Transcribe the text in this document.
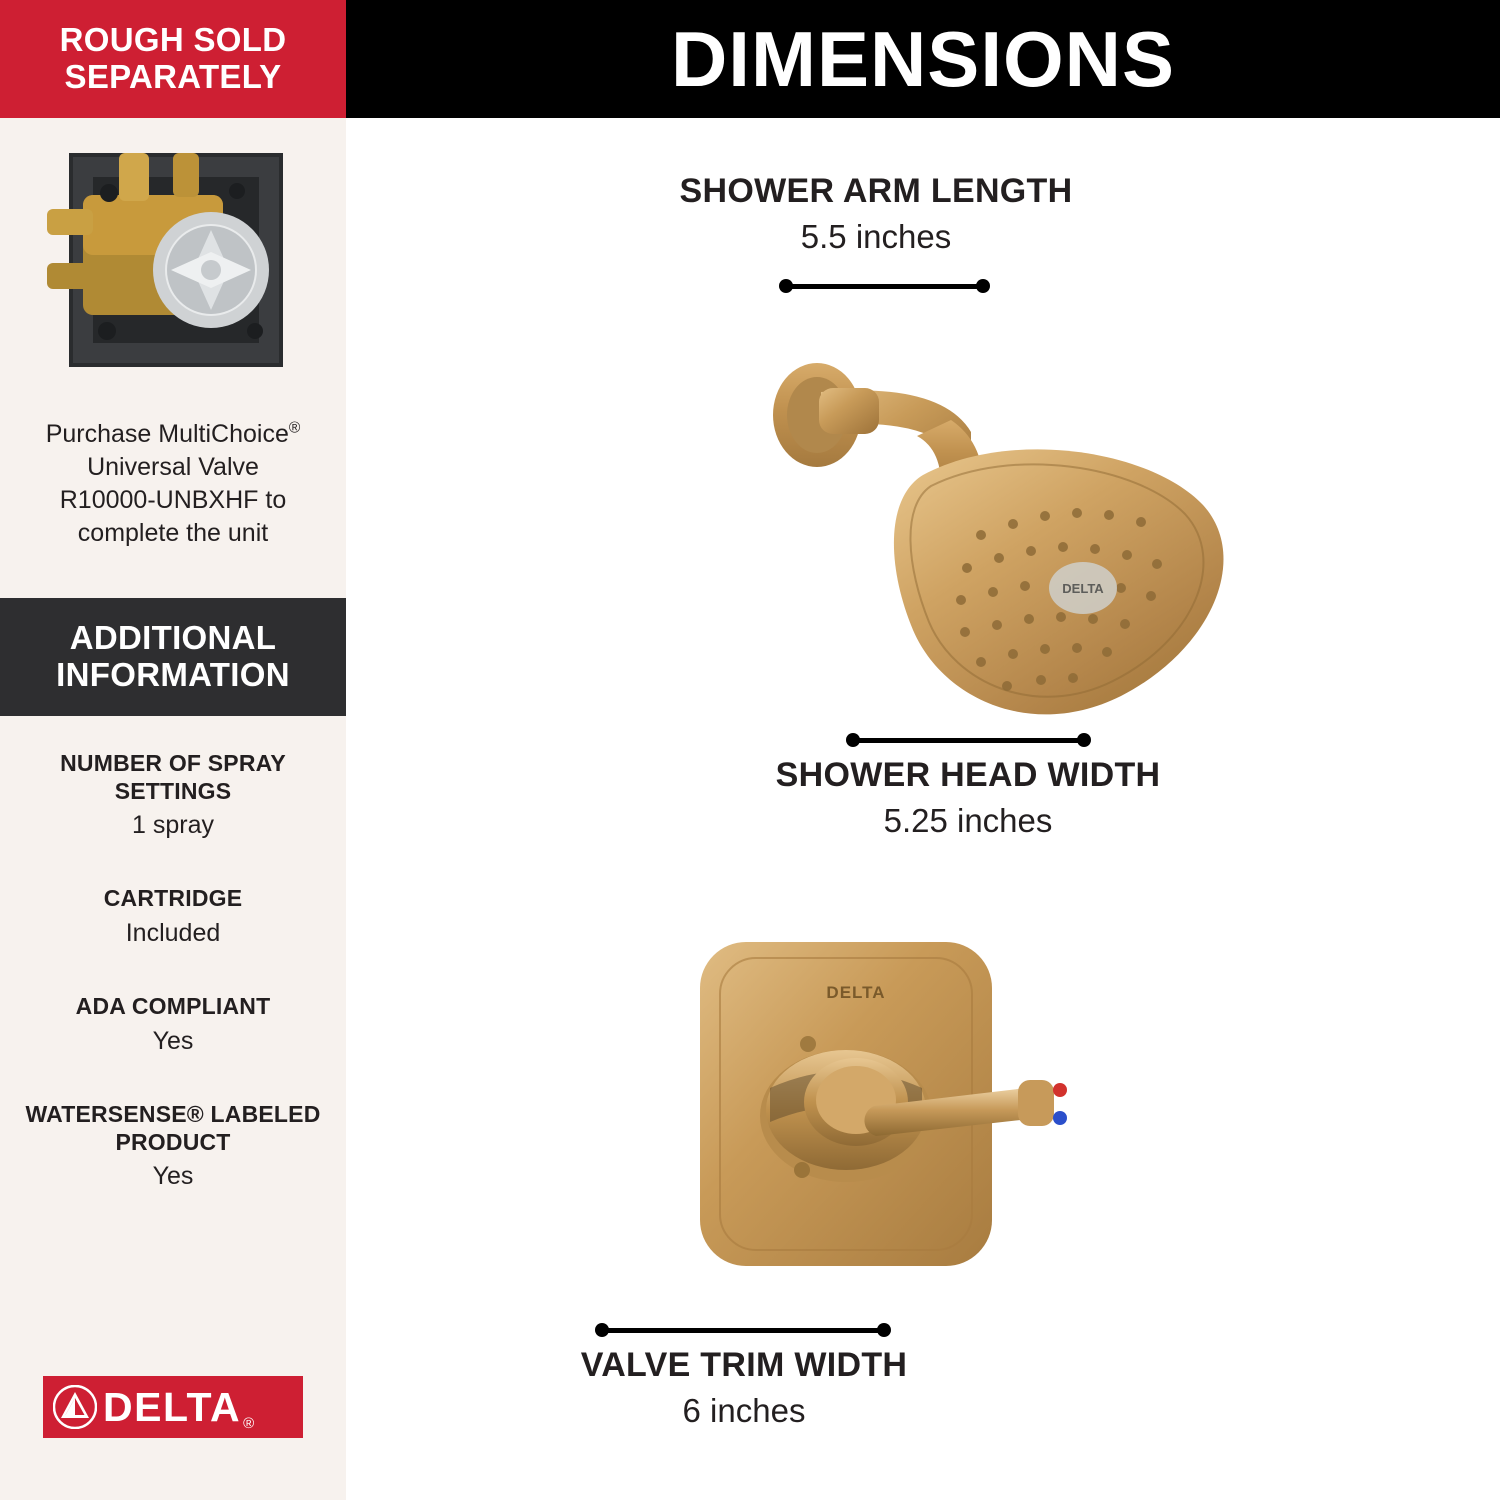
ROUGH SOLD SEPARATELY
Purchase MultiChoice®
Universal Valve
R10000-UNBXHF to
complete the unit
ADDITIONAL INFORMATION
NUMBER OF SPRAY SETTINGS
1 spray
CARTRIDGE
Included
ADA COMPLIANT
Yes
WATERSENSE® LABELED PRODUCT
Yes
DELTA ®
DIMENSIONS
SHOWER ARM LENGTH
5.5 inches
DELTA
SHOWER HEAD WIDTH
5.25 inches
DELTA
VALVE TRIM WIDTH
6 inches
